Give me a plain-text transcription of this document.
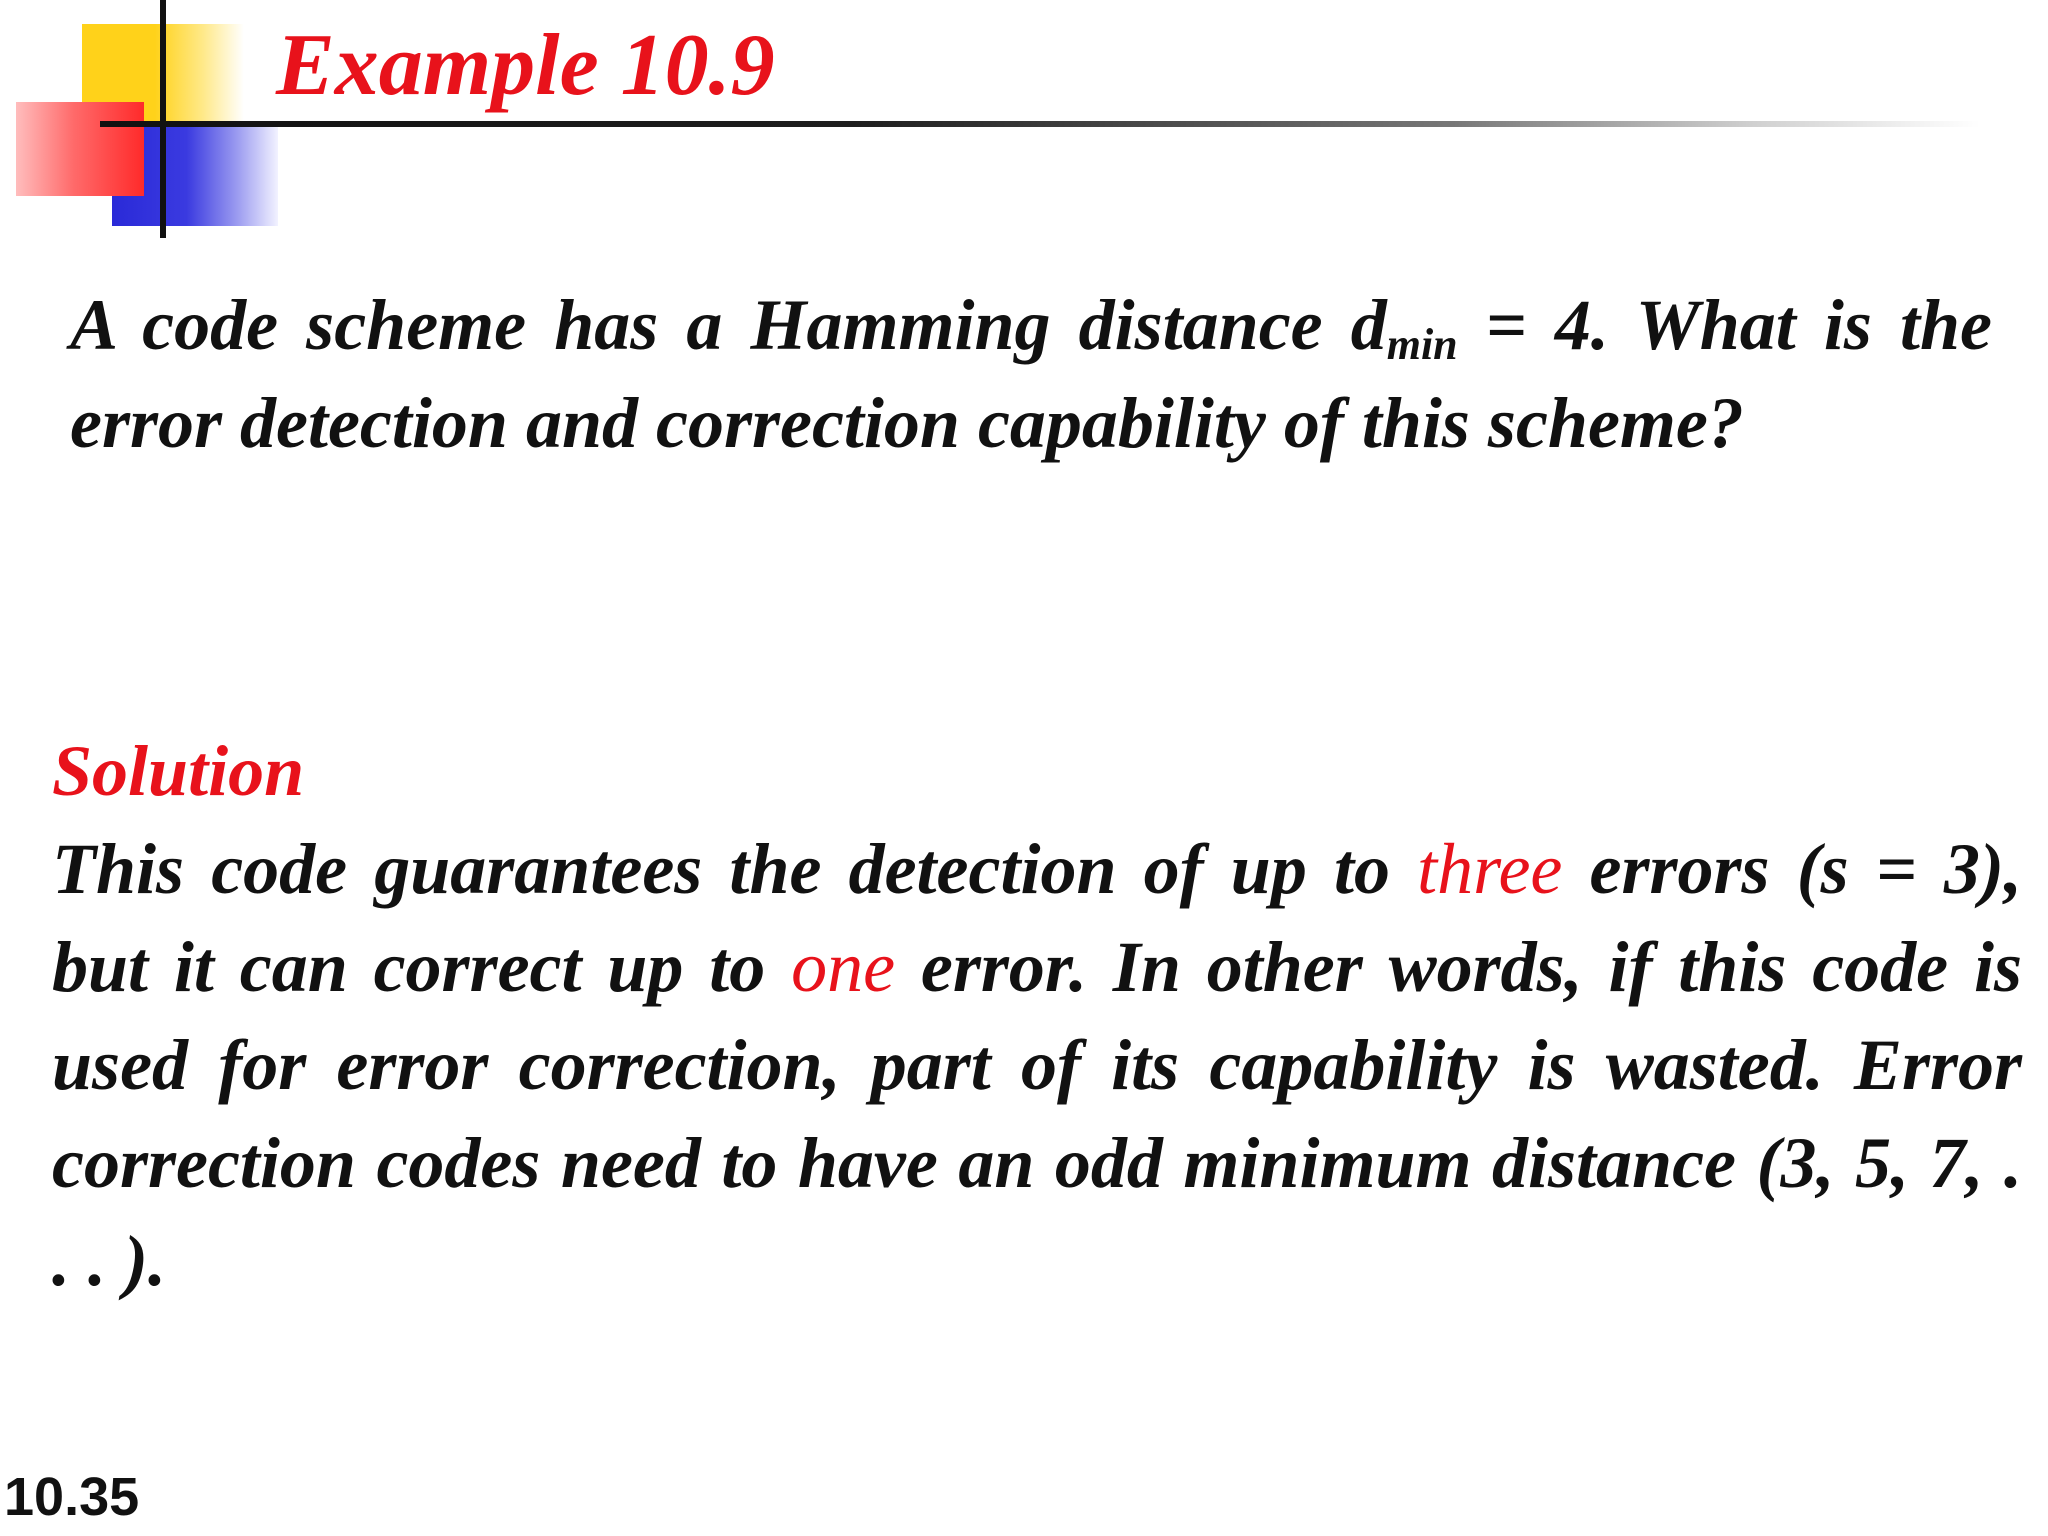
Example 10.9

A code scheme has a Hamming distance $d_{min} = 4$. What is the error detection and correction capability of this scheme?

Solution

This code guarantees the detection of up to three errors (s = 3), but it can correct up to one error. In other words, if this code is used for error correction, part of its capability is wasted. Error correction codes need to have an odd minimum distance (3, 5, 7, . . . ).

10.35
